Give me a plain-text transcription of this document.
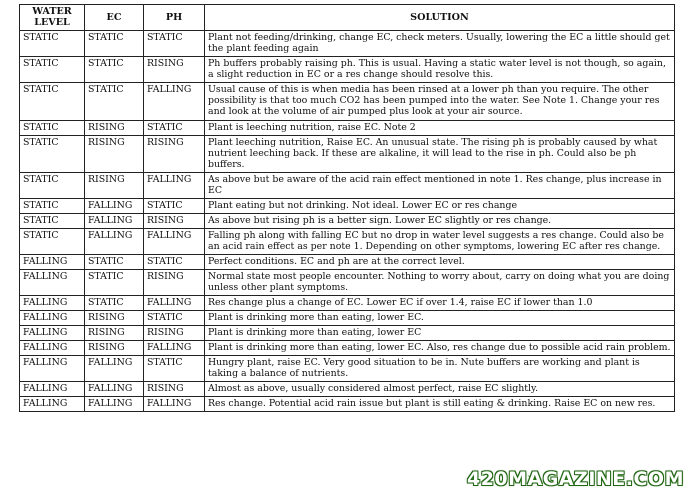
WATER LEVEL	EC	PH	SOLUTION
STATIC	STATIC	STATIC	Plant not feeding/drinking, change EC, check meters. Usually, lowering the EC a little should get the plant feeding again
STATIC	STATIC	RISING	Ph buffers probably raising ph. This is usual. Having a static water level is not though, so again, a slight reduction in EC or a res change should resolve this.
STATIC	STATIC	FALLING	Usual cause of this is when media has been rinsed at a lower ph than you require. The other possibility is that too much CO2 has been pumped into the water. See Note 1. Change your res and look at the volume of air pumped plus look at your air source.
STATIC	RISING	STATIC	Plant is leeching nutrition, raise EC. Note 2
STATIC	RISING	RISING	Plant leeching nutrition, Raise EC. An unusual state. The rising ph is probably caused by what nutrient leeching back. If these are alkaline, it will lead to the rise in ph. Could also be ph buffers.
STATIC	RISING	FALLING	As above but be aware of the acid rain effect mentioned in note 1. Res change, plus increase in EC
STATIC	FALLING	STATIC	Plant eating but not drinking. Not ideal. Lower EC or res change
STATIC	FALLING	RISING	As above but rising ph is a better sign. Lower EC slightly or res change.
STATIC	FALLING	FALLING	Falling ph along with falling EC but no drop in water level suggests a res change. Could also be an acid rain effect as per note 1. Depending on other symptoms, lowering EC after res change.
FALLING	STATIC	STATIC	Perfect conditions. EC and ph are at the correct level.
FALLING	STATIC	RISING	Normal state most people encounter. Nothing to worry about, carry on doing what you are doing unless other plant symptoms.
FALLING	STATIC	FALLING	Res change plus a change of EC. Lower EC if over 1.4, raise EC if lower than 1.0
FALLING	RISING	STATIC	Plant is drinking more than eating, lower EC.
FALLING	RISING	RISING	Plant is drinking more than eating, lower EC
FALLING	RISING	FALLING	Plant is drinking more than eating, lower EC. Also, res change due to possible acid rain problem.
FALLING	FALLING	STATIC	Hungry plant, raise EC. Very good situation to be in. Nute buffers are working and plant is taking a balance of nutrients.
FALLING	FALLING	RISING	Almost as above, usually considered almost perfect, raise EC slightly.
FALLING	FALLING	FALLING	Res change. Potential acid rain issue but plant is still eating & drinking. Raise EC on new res.
420MAGAZINE.COM
